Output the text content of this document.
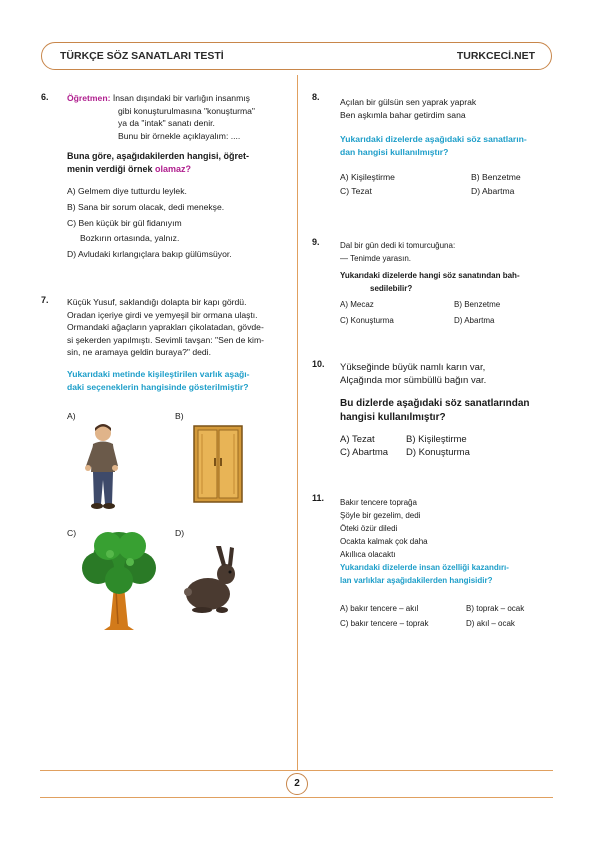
TÜRKÇE SÖZ SANATLARI TESTİ	TURKCECİ.NET
2
6. Öğretmen: İnsan dışındaki bir varlığın insanmış
gibi konuşturulmasına "konuşturma"
ya da "intak" sanatı denir.
Bunu bir örnekle açıklayalım: ....
Buna göre, aşağıdakilerden hangisi, öğret-
menin verdiği örnek olamaz?
A) Gelmem diye tutturdu leylek.
B) Sana bir sorum olacak, dedi menekşe.
C) Ben küçük bir gül fidanıyım
Bozkırın ortasında, yalnız.
D) Avludaki kırlangıçlara bakıp gülümsüyor.
7. Küçük Yusuf, saklandığı dolapta bir kapı gördü.
Oradan içeriye girdi ve yemyeşil bir ormana ulaştı.
Ormandaki ağaçların yaprakları çikolatadan, gövde-
si şekerden yapılmıştı. Sevimli tavşan: "Sen de kim-
sin, ne aramaya geldin buraya?" dedi.
Yukarıdaki metinde kişileştirilen varlık aşağı-
daki seçeneklerin hangisinde gösterilmiştir?
A)	B)
C)	D)
8. Açılan bir gülsün sen yaprak yaprak
Ben aşkımla bahar getirdim sana
Yukarıdaki dizelerde aşağıdaki söz sanatların-
dan hangisi kullanılmıştır?
A) Kişileştirme	B) Benzetme
C) Tezat	D) Abartma
9.	Dal bir gün dedi ki tomurcuğuna:
— Tenimde yarasın.
Yukarıdaki dizelerde hangi söz sanatından bah-
sedilebilir?
A) Mecaz	B) Benzetme
C) Konuşturma	D) Abartma
10. Yükseğinde büyük namlı karın var,
Alçağında mor sümbüllü bağın var.
Bu dizlerde aşağıdaki söz sanatlarından
hangisi kullanılmıştır?
A) Tezat	B) Kişileştirme
C) Abartma D) Konuşturma
11. Bakır tencere toprağa
Şöyle bir gezelim, dedi
Öteki özür diledi
Ocakta kalmak çok daha
Akıllıca olacaktı
Yukarıdaki dizelerde insan özelliği kazandırı-
lan varlıklar aşağıdakilerden hangisidir?
A) bakır tencere – akıl	B) toprak – ocak
C) bakır tencere – toprak	D) akıl – ocak
